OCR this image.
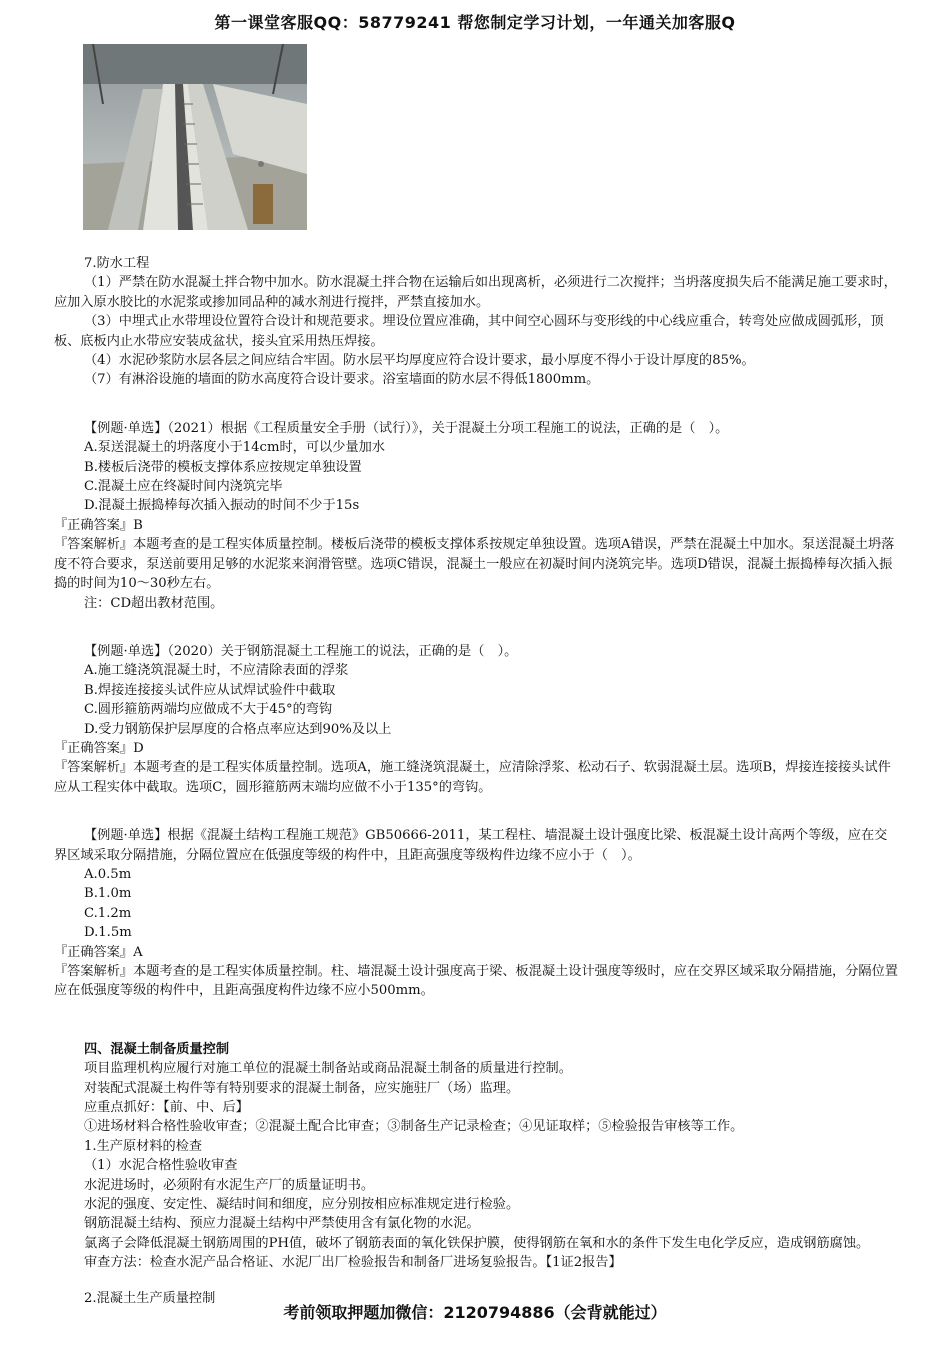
第一课堂客服QQ：58779241 帮您制定学习计划，一年通关加客服Q
7.防水工程
（1）严禁在防水混凝土拌合物中加水。防水混凝土拌合物在运输后如出现离析，必须进行二次搅拌；当坍落度损失后不能满足施工要求时，应加入原水胶比的水泥浆或掺加同品种的减水剂进行搅拌，严禁直接加水。
（3）中埋式止水带埋设位置符合设计和规范要求。埋设位置应准确，其中间空心圆环与变形线的中心线应重合，转弯处应做成圆弧形，顶板、底板内止水带应安装成盆状，接头宜采用热压焊接。
（4）水泥砂浆防水层各层之间应结合牢固。防水层平均厚度应符合设计要求，最小厚度不得小于设计厚度的85%。
（7）有淋浴设施的墙面的防水高度符合设计要求。浴室墙面的防水层不得低1800mm。
【例题·单选】（2021）根据《工程质量安全手册（试行）》，关于混凝土分项工程施工的说法，正确的是（　）。
A.泵送混凝土的坍落度小于14cm时，可以少量加水
B.楼板后浇带的模板支撑体系应按规定单独设置
C.混凝土应在终凝时间内浇筑完毕
D.混凝土振捣棒每次插入振动的时间不少于15s
『正确答案』B
『答案解析』本题考查的是工程实体质量控制。楼板后浇带的模板支撑体系按规定单独设置。选项A错误，严禁在混凝土中加水。泵送混凝土坍落度不符合要求，泵送前要用足够的水泥浆来润滑管壁。选项C错误，混凝土一般应在初凝时间内浇筑完毕。选项D错误，混凝土振捣棒每次插入振捣的时间为10～30秒左右。
注：CD超出教材范围。
【例题·单选】（2020）关于钢筋混凝土工程施工的说法，正确的是（　）。
A.施工缝浇筑混凝土时，不应清除表面的浮浆
B.焊接连接接头试件应从试焊试验件中截取
C.圆形箍筋两端均应做成不大于45°的弯钩
D.受力钢筋保护层厚度的合格点率应达到90%及以上
『正确答案』D
『答案解析』本题考查的是工程实体质量控制。选项A，施工缝浇筑混凝土，应清除浮浆、松动石子、软弱混凝土层。选项B，焊接连接接头试件应从工程实体中截取。选项C，圆形箍筋两末端均应做不小于135°的弯钩。
【例题·单选】根据《混凝土结构工程施工规范》GB50666-2011，某工程柱、墙混凝土设计强度比梁、板混凝土设计高两个等级，应在交界区域采取分隔措施，分隔位置应在低强度等级的构件中，且距高强度等级构件边缘不应小于（　）。
A.0.5m
B.1.0m
C.1.2m
D.1.5m
『正确答案』A
『答案解析』本题考查的是工程实体质量控制。柱、墙混凝土设计强度高于梁、板混凝土设计强度等级时，应在交界区域采取分隔措施，分隔位置应在低强度等级的构件中，且距高强度构件边缘不应小500mm。
四、混凝土制备质量控制
项目监理机构应履行对施工单位的混凝土制备站或商品混凝土制备的质量进行控制。
对装配式混凝土构件等有特别要求的混凝土制备，应实施驻厂（场）监理。
应重点抓好：【前、中、后】
①进场材料合格性验收审查；②混凝土配合比审查；③制备生产记录检查；④见证取样；⑤检验报告审核等工作。
1.生产原材料的检查
（1）水泥合格性验收审查
水泥进场时，必须附有水泥生产厂的质量证明书。
水泥的强度、安定性、凝结时间和细度，应分别按相应标准规定进行检验。
钢筋混凝土结构、预应力混凝土结构中严禁使用含有氯化物的水泥。
氯离子会降低混凝土钢筋周围的PH值，破坏了钢筋表面的氧化铁保护膜，使得钢筋在氧和水的条件下发生电化学反应，造成钢筋腐蚀。
审查方法：检查水泥产品合格证、水泥厂出厂检验报告和制备厂进场复验报告。【1证2报告】
2.混凝土生产质量控制
考前领取押题加微信：2120794886（会背就能过）
